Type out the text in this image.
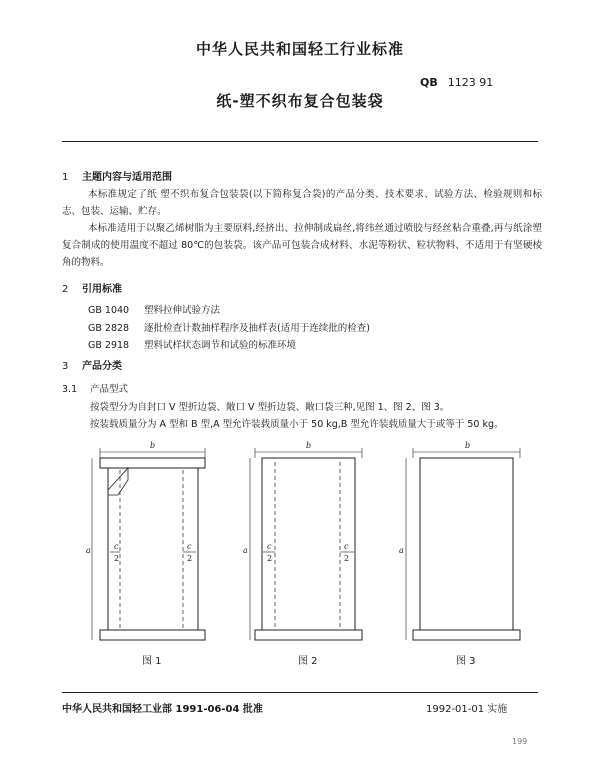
中华人民共和国轻工行业标准
QB 1123 91
纸-塑不织布复合包装袋
1 主题内容与适用范围
本标准规定了纸 塑不织布复合包装袋(以下简称复合袋)的产品分类、技术要求、试验方法、检验规则和标志、包装、运输、贮存。
本标准适用于以聚乙烯树脂为主要原料,经挤出、拉伸制成扁丝,将纬丝通过喷胶与经丝粘合重叠,再与纸涂塑复合制成的使用温度不超过 80℃的包装袋。该产品可包装合成材料、水泥等粉状、粒状物料、不适用于有坚硬棱角的物料。
2 引用标准
GB 1040 塑料拉伸试验方法
GB 2828 逐批检查计数抽样程序及抽样表(适用于连续批的检查)
GB 2918 塑料试样状态调节和试验的标准环境
3 产品分类
3.1 产品型式
按袋型分为自封口 V 型折边袋、敞口 V 型折边袋、敞口袋三种,见图 1、图 2、图 3。
按装载质量分为 A 型和 B 型,A 型允许装载质量小于 50 kg,B 型允许装载质量大于或等于 50 kg。
b
a	c
2
c
2
b
a c
2
c
2
b
a
图 1	图 2	图 3
中华人民共和国轻工业部 1991-06-04 批准	1992-01-01 实施
199
